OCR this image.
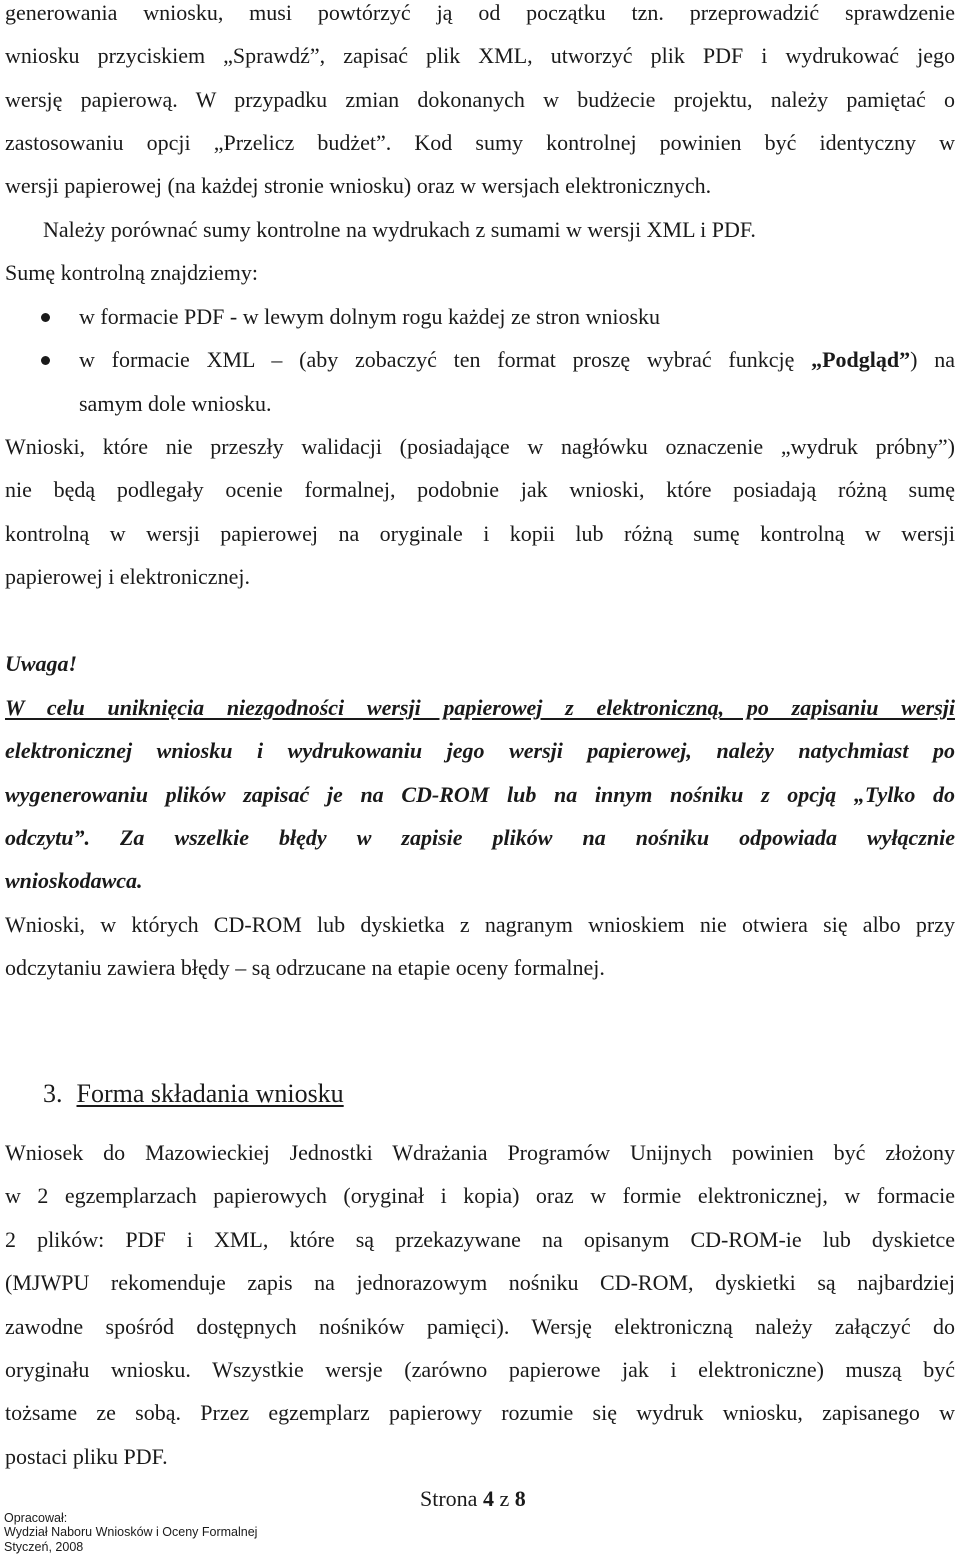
generowania wniosku, musi powtórzyć ją od początku tzn. przeprowadzić sprawdzenie
wniosku przyciskiem „Sprawdź”, zapisać plik XML, utworzyć plik PDF i wydrukować jego
wersję papierową. W przypadku zmian dokonanych w budżecie projektu, należy pamiętać o
zastosowaniu opcji „Przelicz budżet”. Kod sumy kontrolnej powinien być identyczny w
wersji papierowej (na każdej stronie wniosku) oraz w wersjach elektronicznych.
Należy porównać sumy kontrolne na wydrukach z sumami w wersji XML i PDF.
Sumę kontrolną znajdziemy:
w formacie PDF - w lewym dolnym rogu każdej ze stron wniosku
w formacie XML – (aby zobaczyć ten format proszę wybrać funkcję „Podgląd”) na
samym dole wniosku.
Wnioski, które nie przeszły walidacji (posiadające w nagłówku oznaczenie „wydruk próbny”)
nie będą podlegały ocenie formalnej, podobnie jak wnioski, które posiadają różną sumę
kontrolną w wersji papierowej na oryginale i kopii lub różną sumę kontrolną w wersji
papierowej i elektronicznej.
Uwaga!
W celu uniknięcia niezgodności wersji papierowej z elektroniczną, po zapisaniu wersji
elektronicznej wniosku i wydrukowaniu jego wersji papierowej, należy natychmiast po
wygenerowaniu plików zapisać je na CD-ROM lub na innym nośniku z opcją „Tylko do
odczytu”. Za wszelkie błędy w zapisie plików na nośniku odpowiada wyłącznie
wnioskodawca.
Wnioski, w których CD-ROM lub dyskietka z nagranym wnioskiem nie otwiera się albo przy
odczytaniu zawiera błędy – są odrzucane na etapie oceny formalnej.
3. Forma składania wniosku
Wniosek do Mazowieckiej Jednostki Wdrażania Programów Unijnych powinien być złożony
w 2 egzemplarzach papierowych (oryginał i kopia) oraz w formie elektronicznej, w formacie
2 plików: PDF i XML, które są przekazywane na opisanym CD-ROM-ie lub dyskietce
(MJWPU rekomenduje zapis na jednorazowym nośniku CD-ROM, dyskietki są najbardziej
zawodne spośród dostępnych nośników pamięci). Wersję elektroniczną należy załączyć do
oryginału wniosku. Wszystkie wersje (zarówno papierowe jak i elektroniczne) muszą być
tożsame ze sobą. Przez egzemplarz papierowy rozumie się wydruk wniosku, zapisanego w
postaci pliku PDF.
Strona 4 z 8
Opracował:
Wydział Naboru Wniosków i Oceny Formalnej
Styczeń, 2008
